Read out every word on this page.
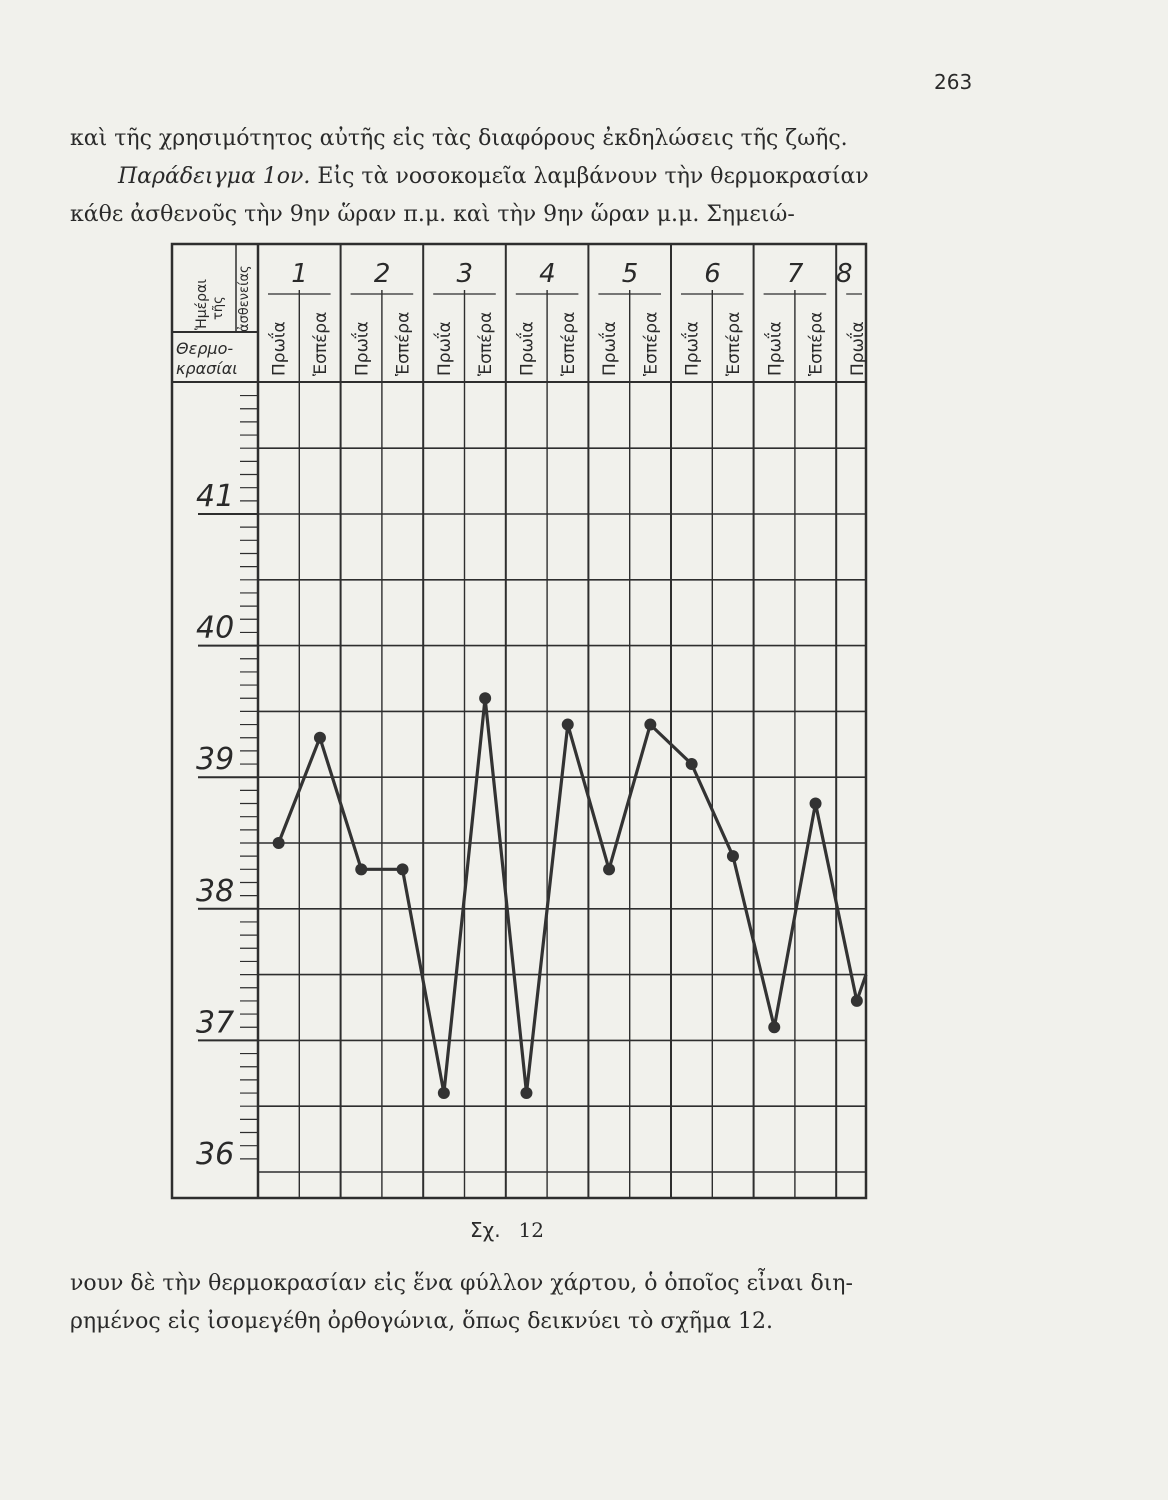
263
καὶ τῆς χρησιμότητος αὐτῆς εἰς τὰς διαφόρους ἐκδηλώσεις τῆς ζωῆς.
Παράδειγμα 1ον. Εἰς τὰ νοσοκομεῖα λαμβάνουν τὴν θερμοκρασίαν
κάθε ἀσθενοῦς τὴν 9ην ὥραν π.μ. καὶ τὴν 9ην ὥραν μ.μ. Σημειώ-
41
40
39
38
37
36
Ἡμέραι τῆς ἀσθενείας
Θερμο-
κρασίαι
1	2	3	4	5	6	7 8
Πρωΐα Ἑσπέρα Πρωΐα Ἑσπέρα Πρωΐα Ἑσπέρα Πρωΐα Ἑσπέρα Πρωΐα Ἑσπέρα Πρωΐα Ἑσπέρα Πρωΐα Ἑσπέρα Πρωΐα
Σχ. 12
νουν δὲ τὴν θερμοκρασίαν εἰς ἕνα φύλλον χάρτου, ὁ ὁποῖος εἶναι διη-
ρημένος εἰς ἰσομεγέθη ὀρθογώνια, ὅπως δεικνύει τὸ σχῆμα 12.
